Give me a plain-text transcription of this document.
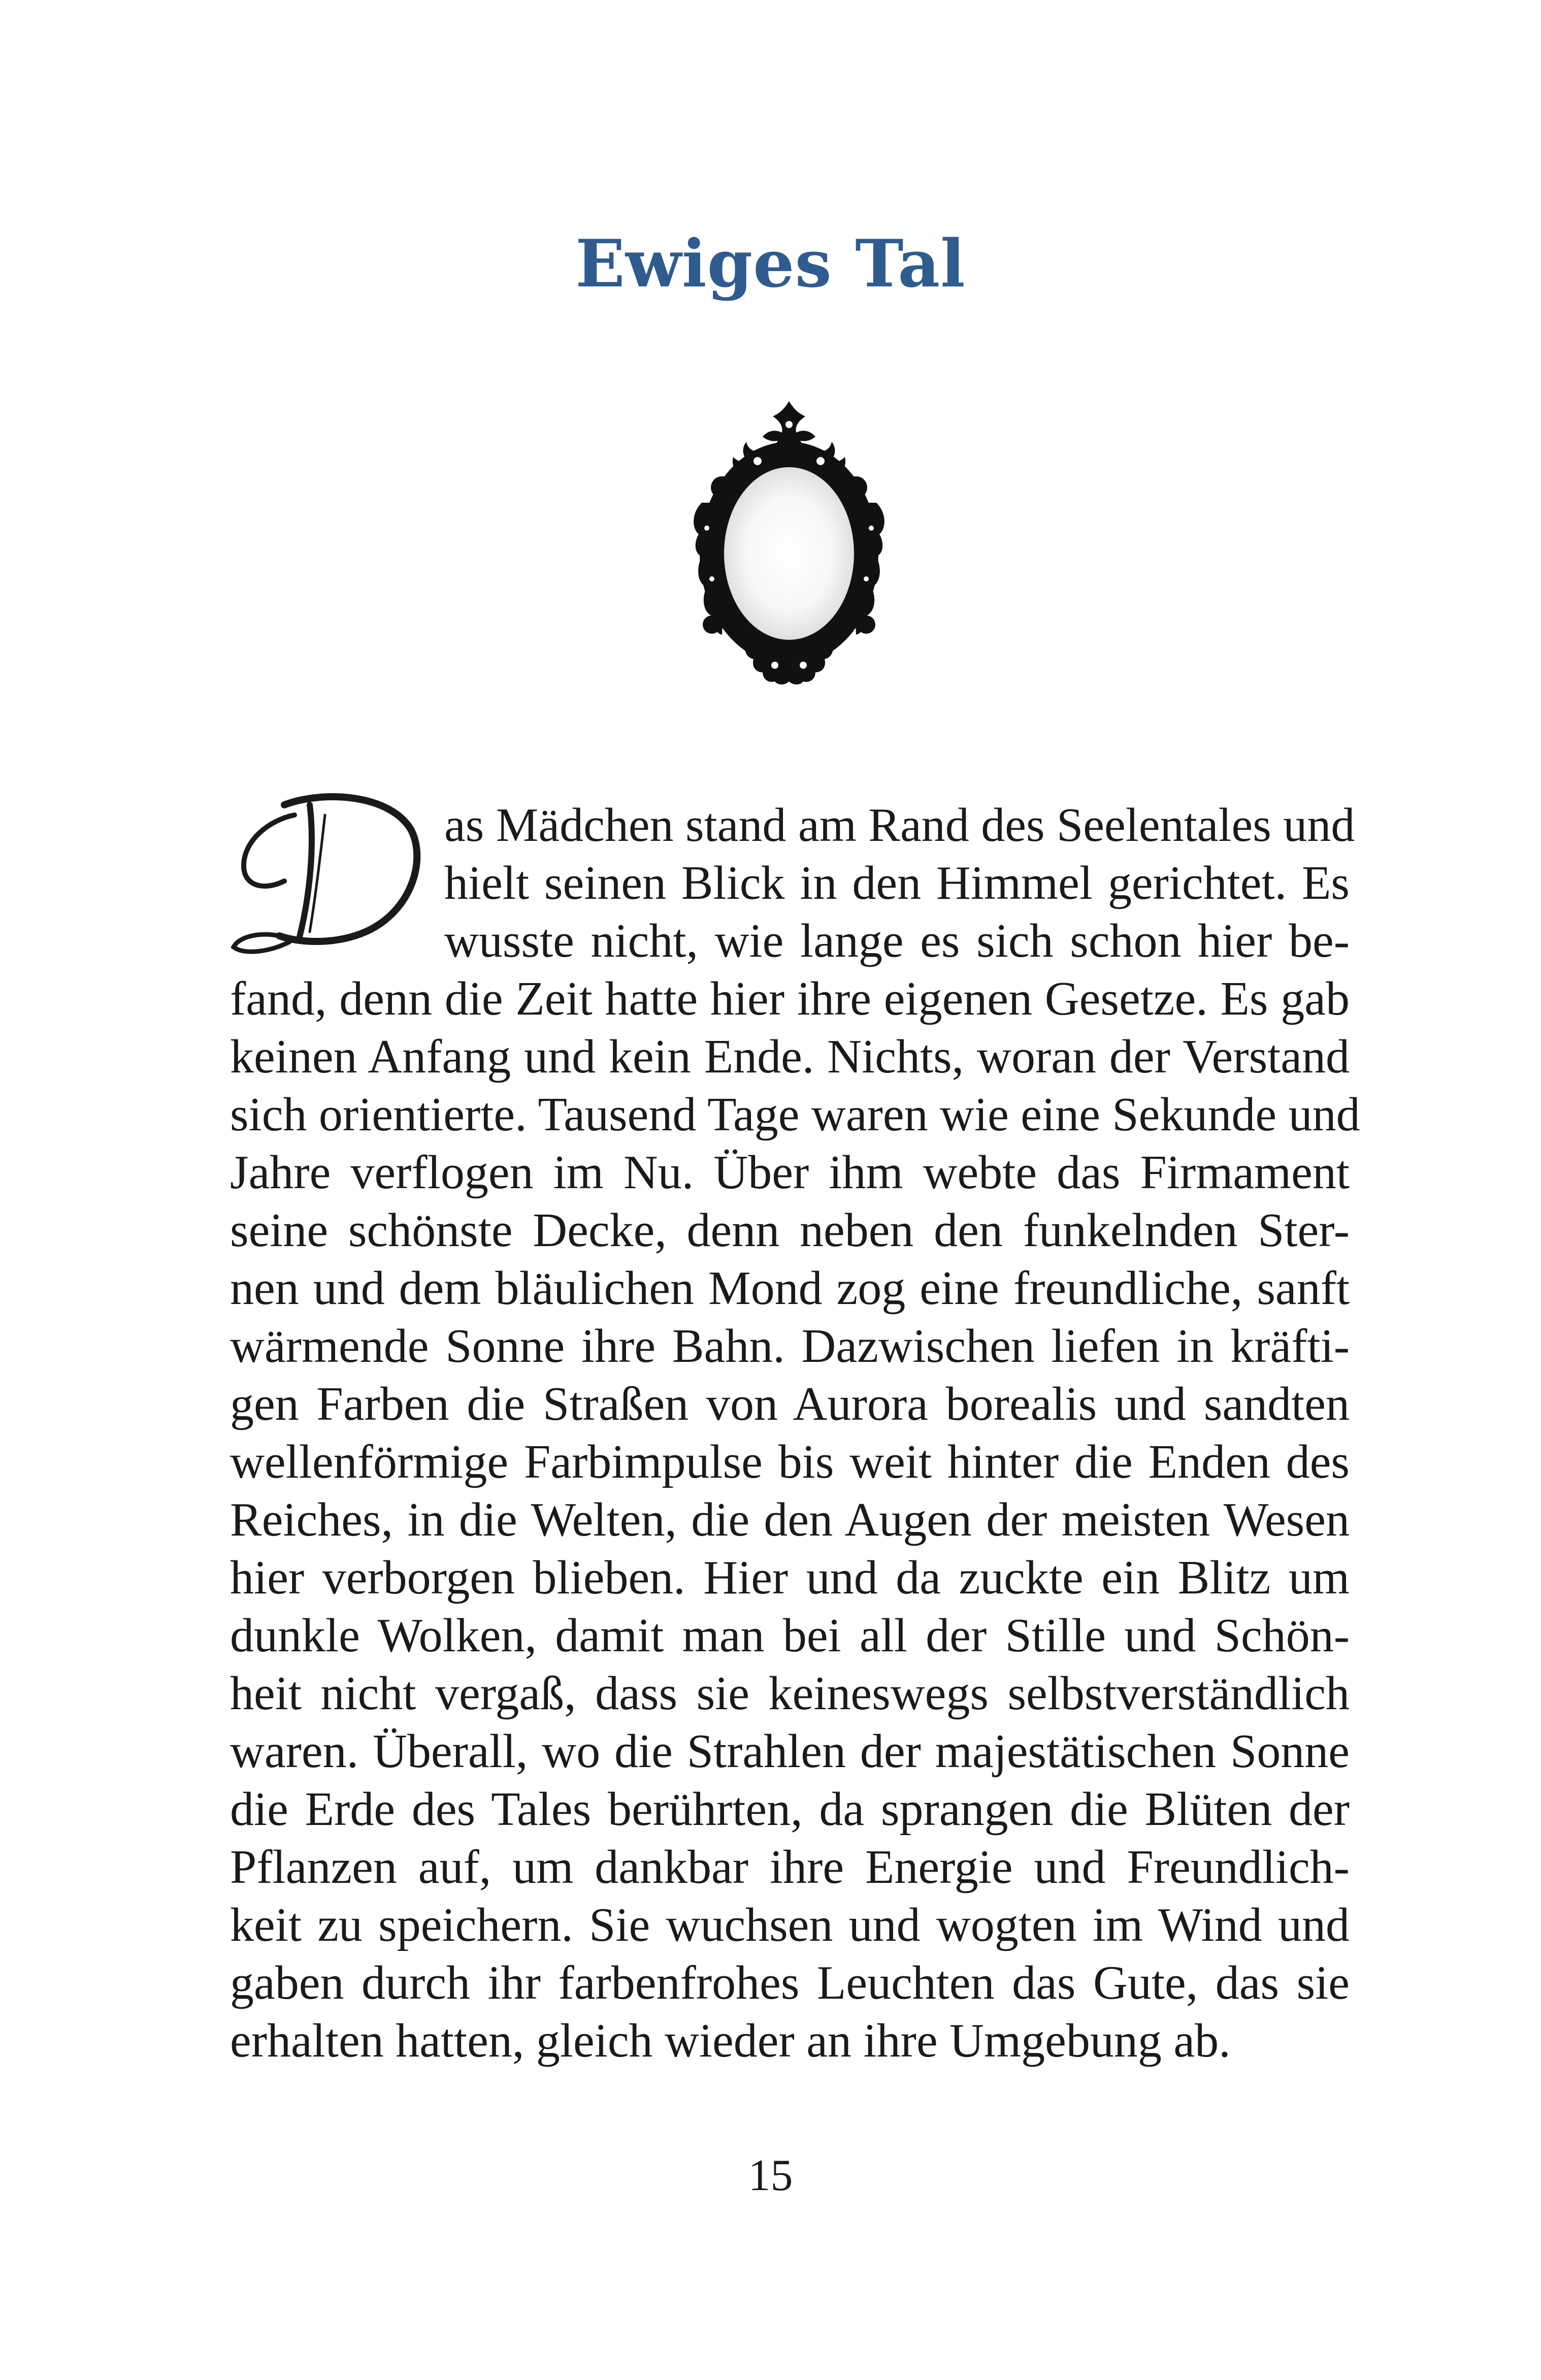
Ewiges Tal
as Mädchen stand am Rand des Seelentales und
hielt seinen Blick in den Himmel gerichtet. Es
wusste nicht, wie lange es sich schon hier be-
fand, denn die Zeit hatte hier ihre eigenen Gesetze. Es gab
keinen Anfang und kein Ende. Nichts, woran der Verstand
sich orientierte. Tausend Tage waren wie eine Sekunde und
Jahre verflogen im Nu. Über ihm webte das Firmament
seine schönste Decke, denn neben den funkelnden Ster-
nen und dem bläulichen Mond zog eine freundliche, sanft
wärmende Sonne ihre Bahn. Dazwischen liefen in kräfti-
gen Farben die Straßen von Aurora borealis und sandten
wellenförmige Farbimpulse bis weit hinter die Enden des
Reiches, in die Welten, die den Augen der meisten Wesen
hier verborgen blieben. Hier und da zuckte ein Blitz um
dunkle Wolken, damit man bei all der Stille und Schön-
heit nicht vergaß, dass sie keineswegs selbstverständlich
waren. Überall, wo die Strahlen der majestätischen Sonne
die Erde des Tales berührten, da sprangen die Blüten der
Pflanzen auf, um dankbar ihre Energie und Freundlich-
keit zu speichern. Sie wuchsen und wogten im Wind und
gaben durch ihr farbenfrohes Leuchten das Gute, das sie
erhalten hatten, gleich wieder an ihre Umgebung ab.
15
